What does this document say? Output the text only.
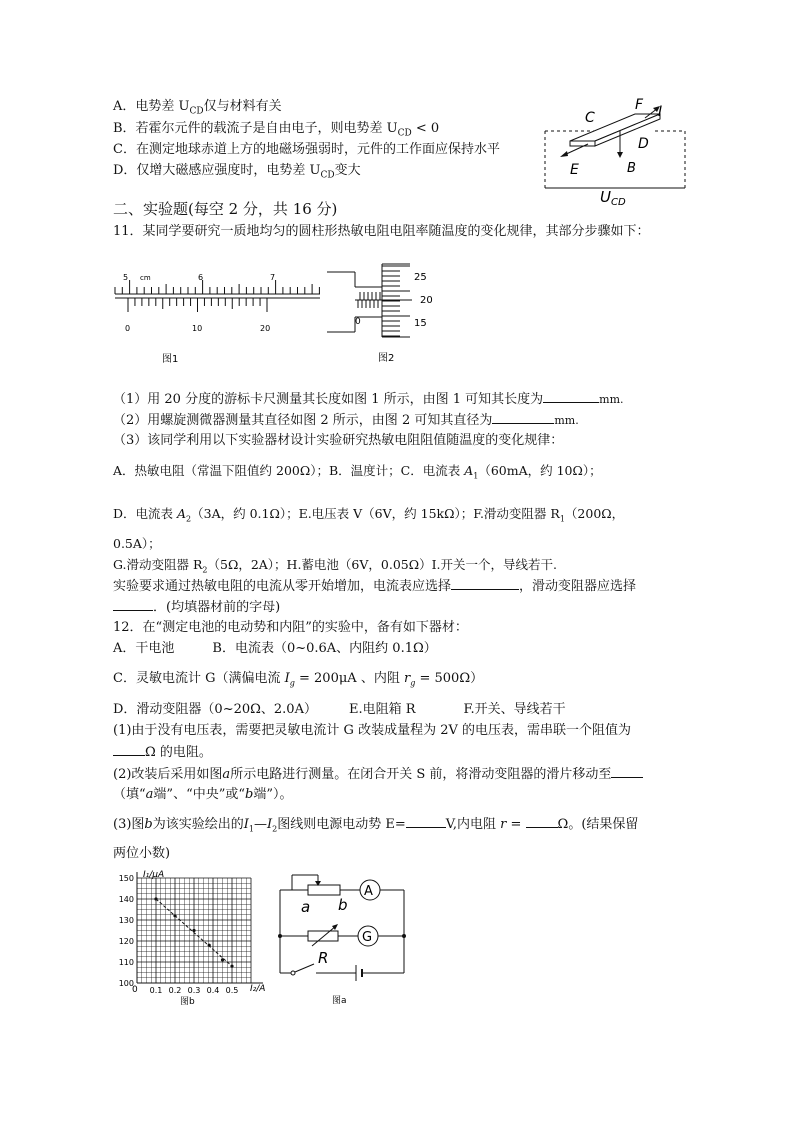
A．电势差 $U_{CD}$仅与材料有关
B．若霍尔元件的载流子是自由电子，则电势差 $U_{CD} < 0$
C．在测定地球赤道上方的地磁场强弱时，元件的工作面应保持水平
D．仅增大磁感应强度时，电势差 $U_{CD}$变大
C
F I
D
E	B
$U_{CD}$
二、实验题(每空 2 分，共 16 分)
11．某同学要研究一质地均匀的圆柱形热敏电阻电阻率随温度的变化规律，其部分步骤如下：
5 cm	6	7
0	10	20
图1
25
20
15
0
图2
（1）用 20 分度的游标卡尺测量其长度如图 1 所示，由图 1 可知其长度为	mm.
（2）用螺旋测微器测量其直径如图 2 所示，由图 2 可知其直径为	mm.
（3）该同学利用以下实验器材设计实验研究热敏电阻阻值随温度的变化规律：
A．热敏电阻（常温下阻值约 200Ω）；B．温度计；C．电流表 $A_1(60mA$，约 10Ω）；
D．电流表 $A_2(3A$，约 0.1Ω）；E.电压表 V（6V，约 15kΩ）；F.滑动变阻器 $R_1(200\Omega$，
0.5A）；
G.滑动变阻器 $R_2(5\Omega$，2A）；H.蓄电池（6V，0.05Ω）I.开关一个，导线若干.
实验要求通过热敏电阻的电流从零开始增加，电流表应选择	，滑动变阻器应选择
．(均填器材前的字母)
12．在“测定电池的电动势和内阻”的实验中，备有如下器材：
A．干电池	B．电流表（0~0.6A、内阻约 0.1Ω）
C．灵敏电流计 G（满偏电流 $I_g = 200\mu A$ 、内阻 $r_g = 500\Omega$）
D．滑动变阻器（0~20Ω、2.0A） E.电阻箱 R	F.开关、导线若干
(1)由于没有电压表，需要把灵敏电流计 G 改装成量程为 2V 的电压表，需串联一个阻值为
Ω 的电阻。
(2)改装后采用如图a所示电路进行测量。在闭合开关 S 前，将滑动变阻器的滑片移动至
（填“a端”、“中央”或“b端”）。
(3)图b为该实验绘出的$I_1—I_2$图线则电源电动势 E=	V,内电阻 r =	Ω。(结果保留
两位小数)
100
110
120
130
140
150
0.1 0.2 0.3 0.4 0.5
I₁/μA
I₂/A
0
图b
a b
R
A
G
图a
